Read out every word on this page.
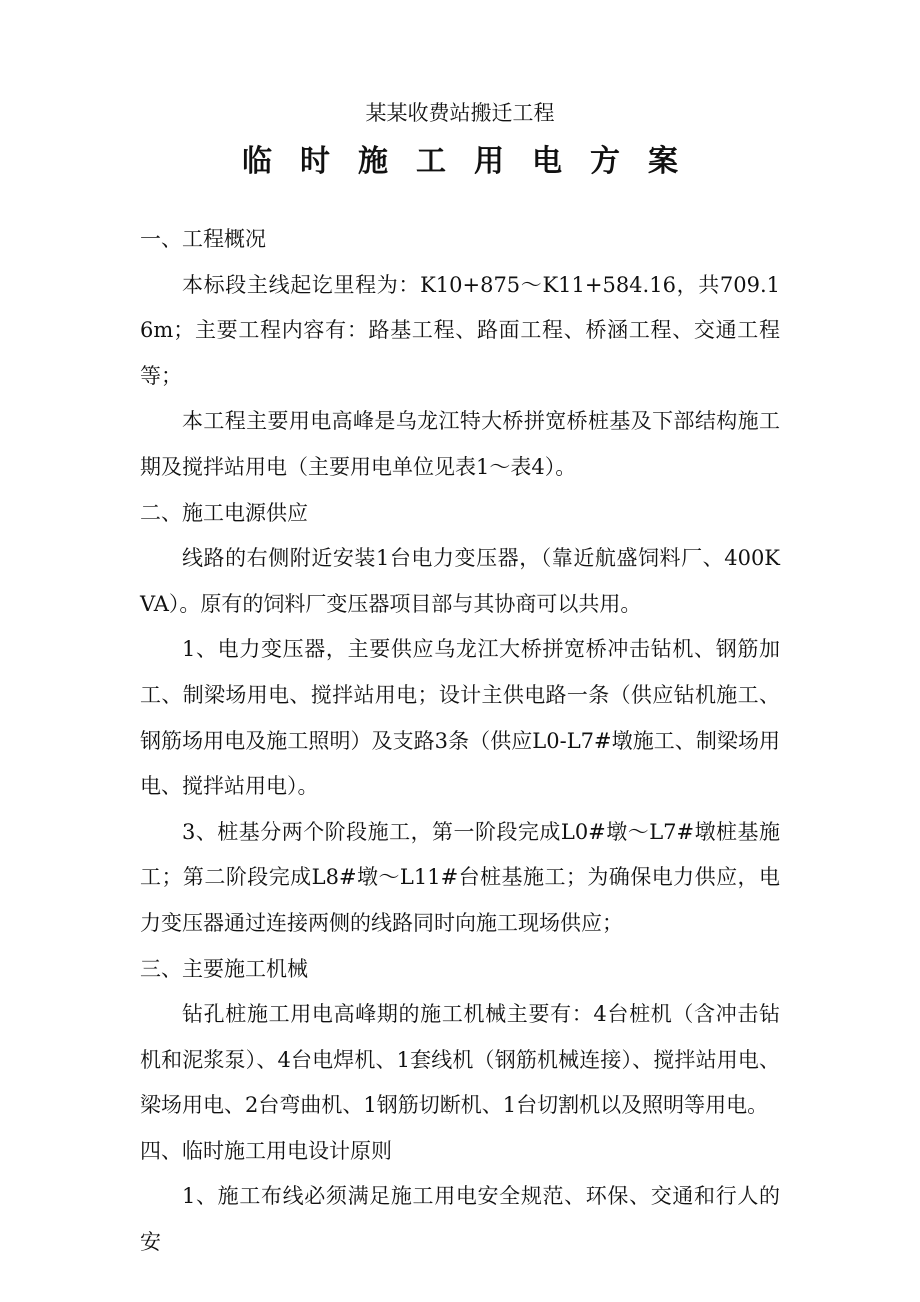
某某收费站搬迁工程
临时施工用电方案

一、工程概况

本标段主线起讫里程为：K10+875～K11+584.16，共709.16m；主要工程内容有：路基工程、路面工程、桥涵工程、交通工程等；

本工程主要用电高峰是乌龙江特大桥拼宽桥桩基及下部结构施工期及搅拌站用电（主要用电单位见表1～表4）。

二、施工电源供应

线路的右侧附近安装1台电力变压器，（靠近航盛饲料厂、400KVA）。原有的饲料厂变压器项目部与其协商可以共用。

1、电力变压器，主要供应乌龙江大桥拼宽桥冲击钻机、钢筋加工、制梁场用电、搅拌站用电；设计主供电路一条（供应钻机施工、钢筋场用电及施工照明）及支路3条（供应L0-L7#墩施工、制梁场用电、搅拌站用电）。

3、桩基分两个阶段施工，第一阶段完成L0#墩～L7#墩桩基施工；第二阶段完成L8#墩～L11#台桩基施工；为确保电力供应，电力变压器通过连接两侧的线路同时向施工现场供应；

三、主要施工机械

钻孔桩施工用电高峰期的施工机械主要有：4台桩机（含冲击钻机和泥浆泵）、4台电焊机、1套线机（钢筋机械连接）、搅拌站用电、梁场用电、2台弯曲机、1钢筋切断机、1台切割机以及照明等用电。

四、临时施工用电设计原则

1、施工布线必须满足施工用电安全规范、环保、交通和行人的安
